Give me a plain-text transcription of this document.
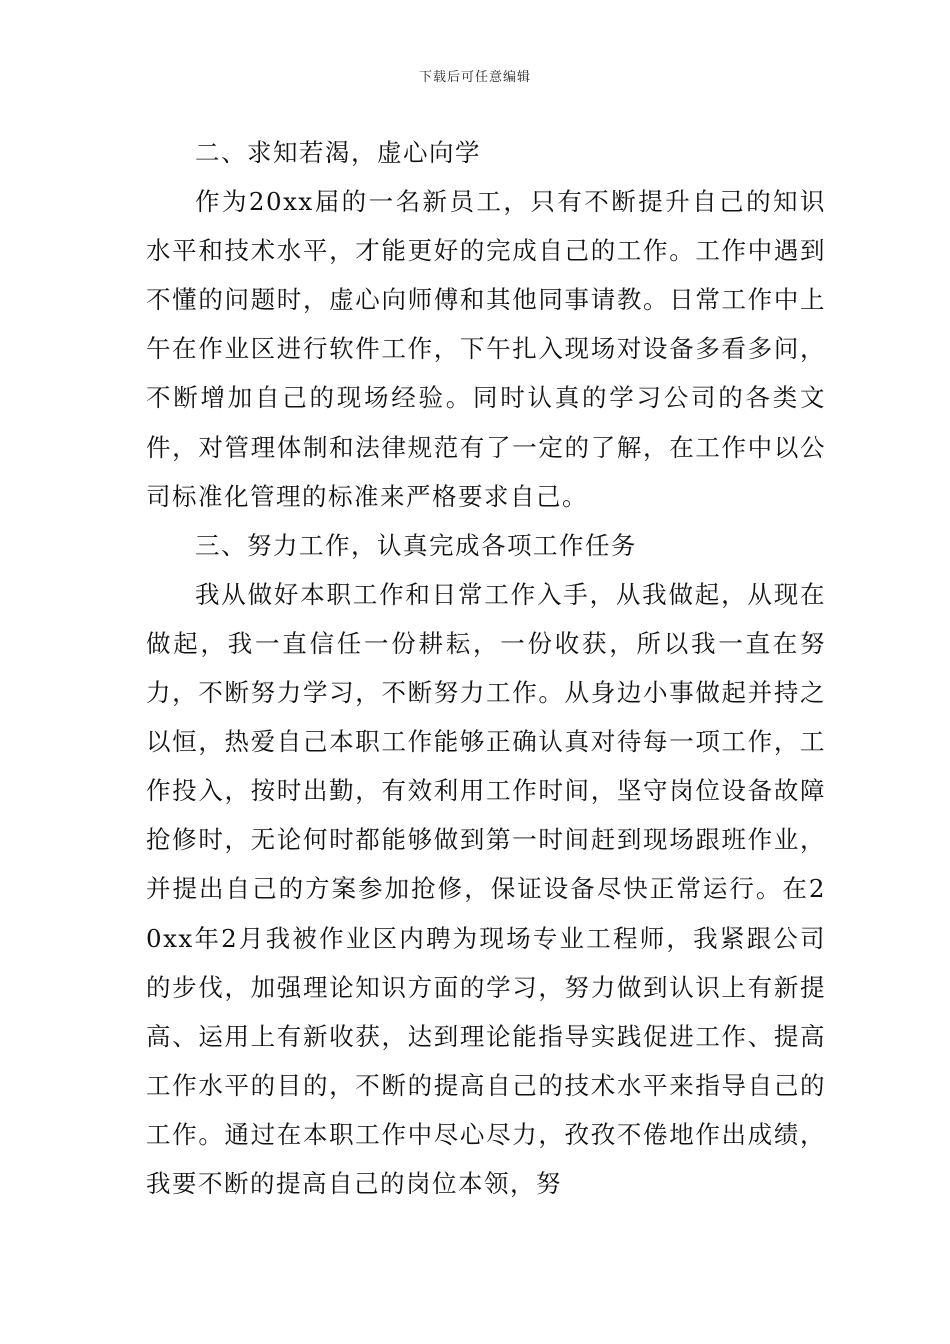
下载后可任意编辑

二、求知若渴，虚心向学

作为20xx届的一名新员工，只有不断提升自己的知识水平和技术水平，才能更好的完成自己的工作。工作中遇到不懂的问题时，虚心向师傅和其他同事请教。日常工作中上午在作业区进行软件工作，下午扎入现场对设备多看多问，不断增加自己的现场经验。同时认真的学习公司的各类文件，对管理体制和法律规范有了一定的了解，在工作中以公司标准化管理的标准来严格要求自己。

三、努力工作，认真完成各项工作任务

我从做好本职工作和日常工作入手，从我做起，从现在做起，我一直信任一份耕耘，一份收获，所以我一直在努力，不断努力学习，不断努力工作。从身边小事做起并持之以恒，热爱自己本职工作能够正确认真对待每一项工作，工作投入，按时出勤，有效利用工作时间，坚守岗位设备故障抢修时，无论何时都能够做到第一时间赶到现场跟班作业，并提出自己的方案参加抢修，保证设备尽快正常运行。在20xx年2月我被作业区内聘为现场专业工程师，我紧跟公司的步伐，加强理论知识方面的学习，努力做到认识上有新提高、运用上有新收获，达到理论能指导实践促进工作、提高工作水平的目的，不断的提高自己的技术水平来指导自己的工作。通过在本职工作中尽心尽力，孜孜不倦地作出成绩，我要不断的提高自己的岗位本领，努
